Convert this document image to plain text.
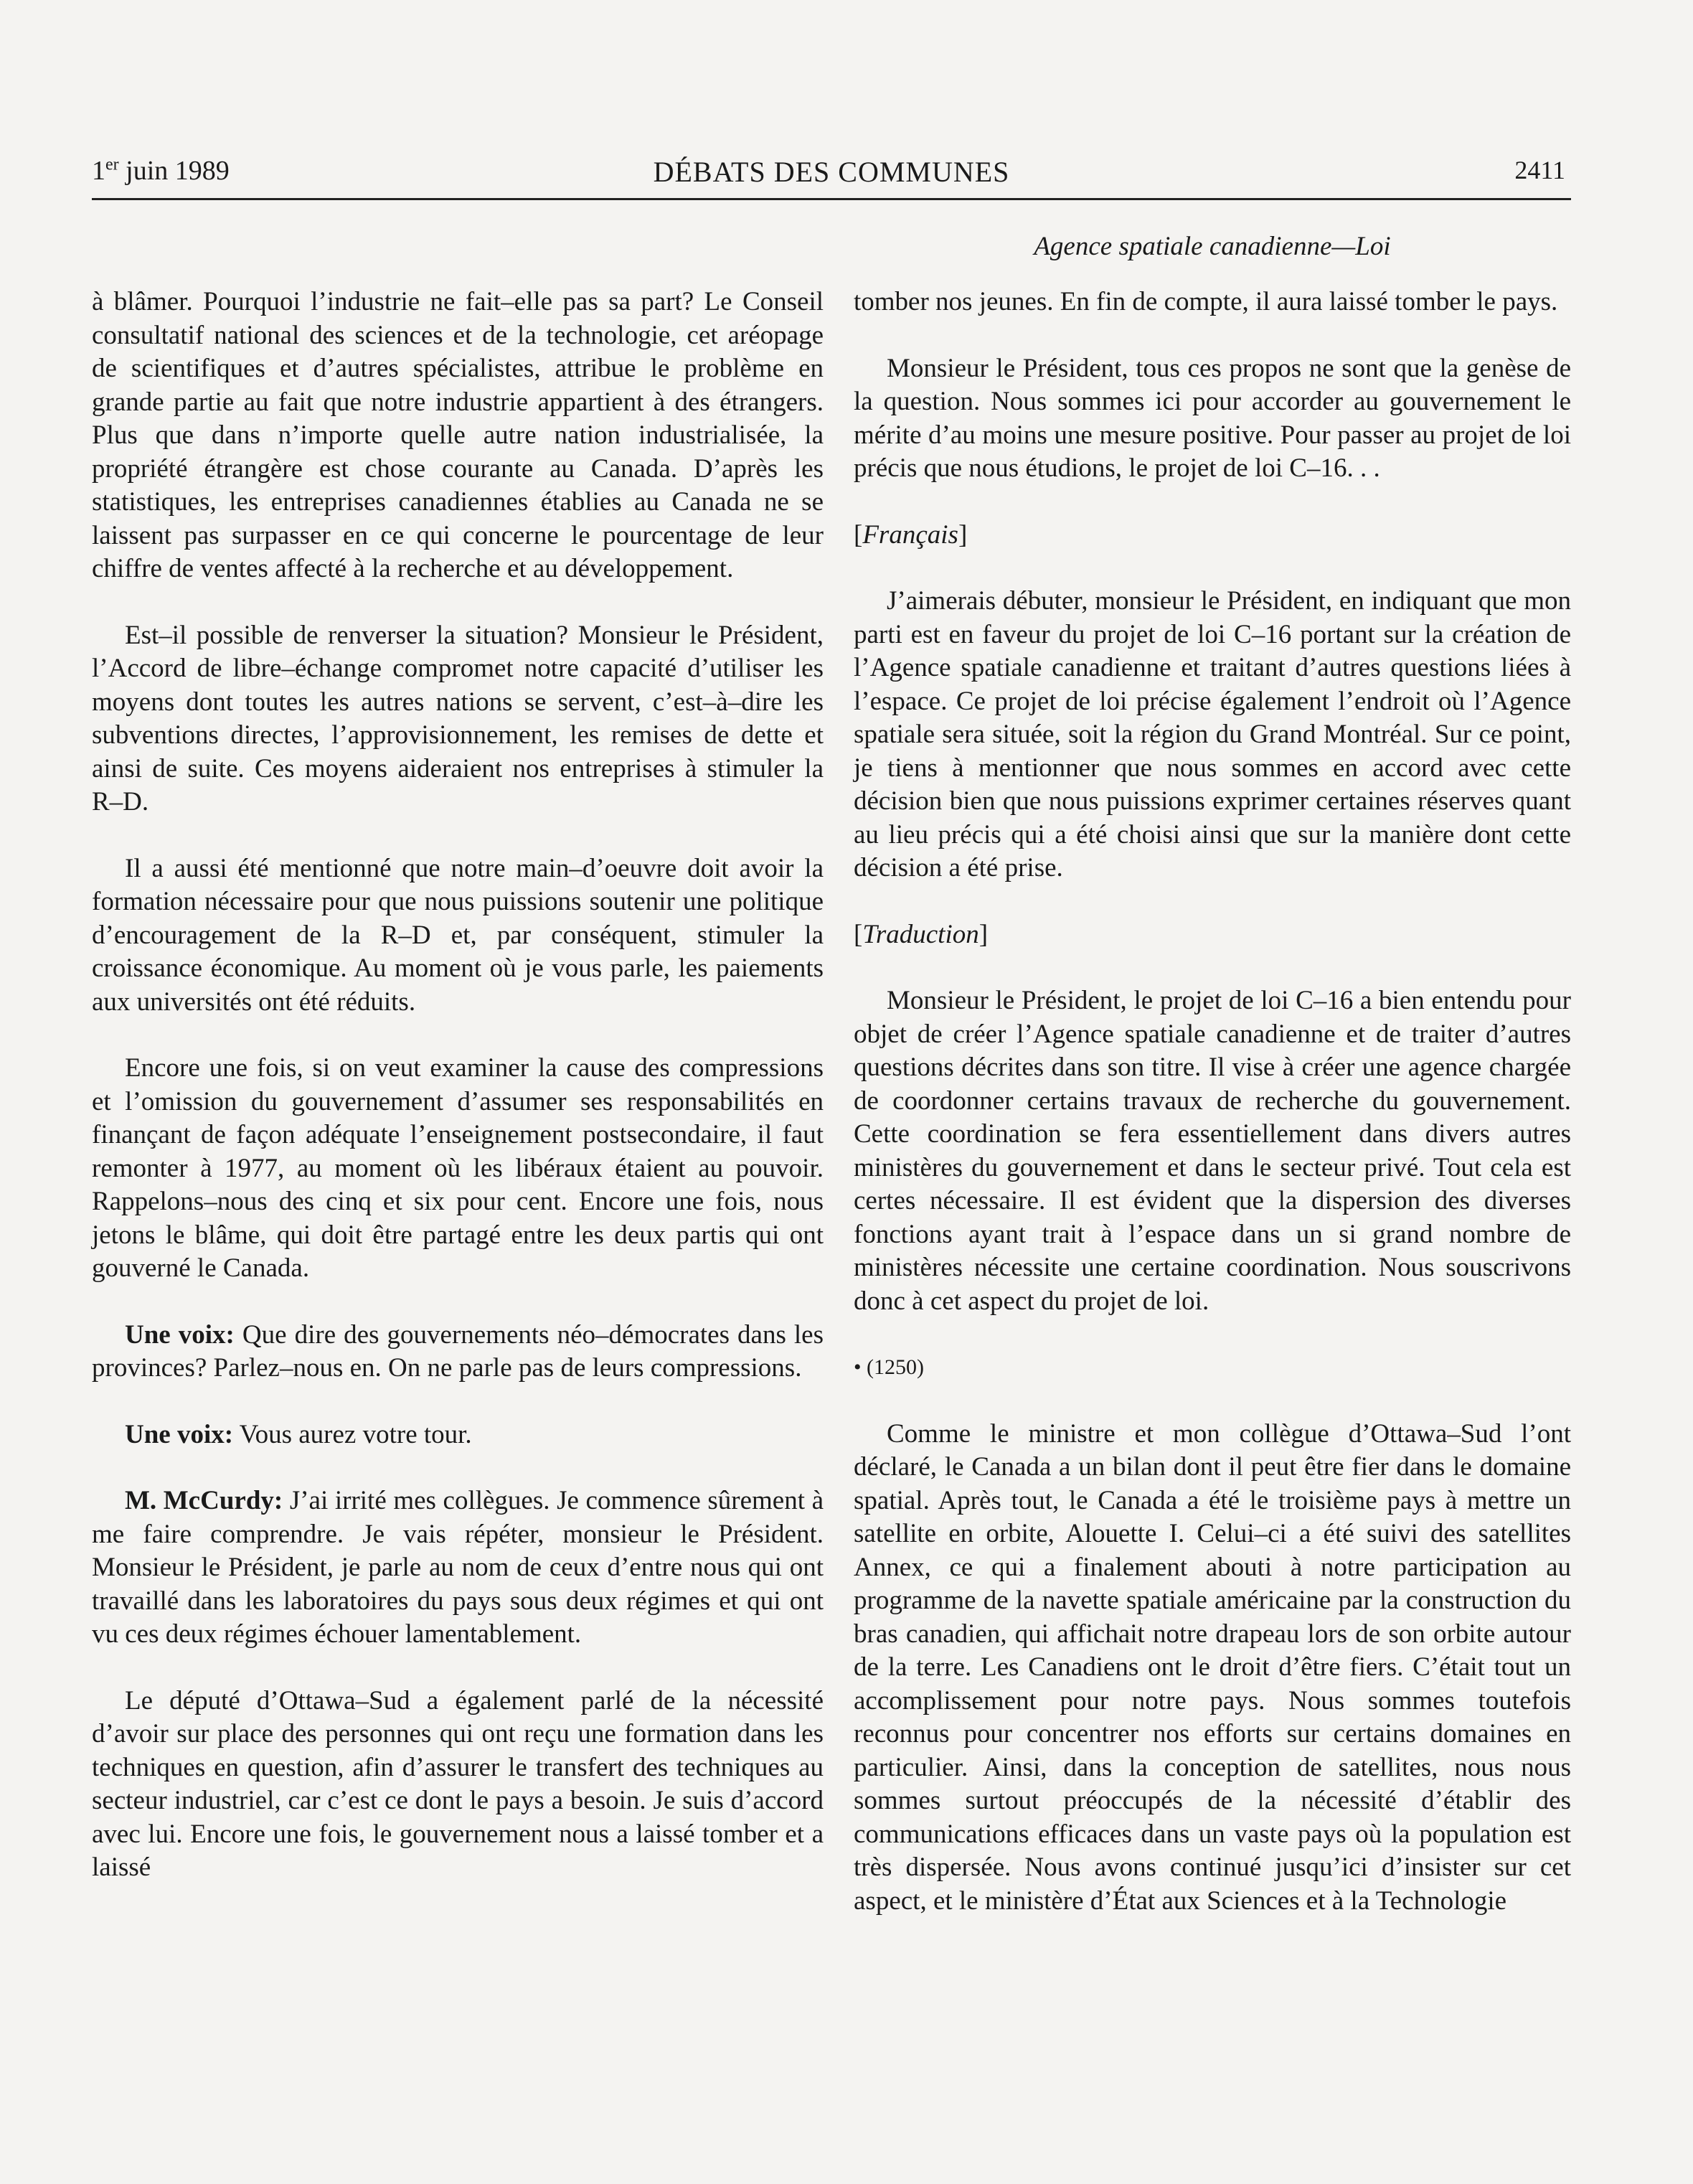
1er juin 1989	DÉBATS DES COMMUNES	2411
Agence spatiale canadienne—Loi

à blâmer. Pourquoi l’industrie ne fait–elle pas sa part? Le Conseil consultatif national des sciences et de la technologie, cet aréopage de scientifiques et d’autres spécialistes, attribue le problème en grande partie au fait que notre industrie appartient à des étrangers. Plus que dans n’importe quelle autre nation industrialisée, la propriété étrangère est chose courante au Canada. D’après les statistiques, les entreprises canadiennes établies au Canada ne se laissent pas surpasser en ce qui concerne le pourcentage de leur chiffre de ventes affecté à la recherche et au développement.

Est–il possible de renverser la situation? Monsieur le Président, l’Accord de libre–échange compromet notre capacité d’utiliser les moyens dont toutes les autres nations se servent, c’est–à–dire les subventions directes, l’approvisionnement, les remises de dette et ainsi de suite. Ces moyens aideraient nos entreprises à stimuler la R–D.

Il a aussi été mentionné que notre main–d’oeuvre doit avoir la formation nécessaire pour que nous puissions soutenir une politique d’encouragement de la R–D et, par conséquent, stimuler la croissance économique. Au moment où je vous parle, les paiements aux universités ont été réduits.

Encore une fois, si on veut examiner la cause des compressions et l’omission du gouvernement d’assumer ses responsabilités en finançant de façon adéquate l’enseignement postsecondaire, il faut remonter à 1977, au moment où les libéraux étaient au pouvoir. Rappelons–nous des cinq et six pour cent. Encore une fois, nous jetons le blâme, qui doit être partagé entre les deux partis qui ont gouverné le Canada.

Une voix: Que dire des gouvernements néo–démocrates dans les provinces? Parlez–nous en. On ne parle pas de leurs compressions.

Une voix: Vous aurez votre tour.

M. McCurdy: J’ai irrité mes collègues. Je commence sûrement à me faire comprendre. Je vais répéter, monsieur le Président. Monsieur le Président, je parle au nom de ceux d’entre nous qui ont travaillé dans les laboratoires du pays sous deux régimes et qui ont vu ces deux régimes échouer lamentablement.

Le député d’Ottawa–Sud a également parlé de la nécessité d’avoir sur place des personnes qui ont reçu une formation dans les techniques en question, afin d’assurer le transfert des techniques au secteur industriel, car c’est ce dont le pays a besoin. Je suis d’accord avec lui. Encore une fois, le gouvernement nous a laissé tomber et a laissé

tomber nos jeunes. En fin de compte, il aura laissé tomber le pays.

Monsieur le Président, tous ces propos ne sont que la genèse de la question. Nous sommes ici pour accorder au gouvernement le mérite d’au moins une mesure positive. Pour passer au projet de loi précis que nous étudions, le projet de loi C–16. . .

[Français]

J’aimerais débuter, monsieur le Président, en indiquant que mon parti est en faveur du projet de loi C–16 portant sur la création de l’Agence spatiale canadienne et traitant d’autres questions liées à l’espace. Ce projet de loi précise également l’endroit où l’Agence spatiale sera située, soit la région du Grand Montréal. Sur ce point, je tiens à mentionner que nous sommes en accord avec cette décision bien que nous puissions exprimer certaines réserves quant au lieu précis qui a été choisi ainsi que sur la manière dont cette décision a été prise.

[Traduction]

Monsieur le Président, le projet de loi C–16 a bien entendu pour objet de créer l’Agence spatiale canadienne et de traiter d’autres questions décrites dans son titre. Il vise à créer une agence chargée de coordonner certains travaux de recherche du gouvernement. Cette coordination se fera essentiellement dans divers autres ministères du gouvernement et dans le secteur privé. Tout cela est certes nécessaire. Il est évident que la dispersion des diverses fonctions ayant trait à l’espace dans un si grand nombre de ministères nécessite une certaine coordination. Nous souscrivons donc à cet aspect du projet de loi.

• (1250)

Comme le ministre et mon collègue d’Ottawa–Sud l’ont déclaré, le Canada a un bilan dont il peut être fier dans le domaine spatial. Après tout, le Canada a été le troisième pays à mettre un satellite en orbite, Alouette I. Celui–ci a été suivi des satellites Annex, ce qui a finalement abouti à notre participation au programme de la navette spatiale américaine par la construction du bras canadien, qui affichait notre drapeau lors de son orbite autour de la terre. Les Canadiens ont le droit d’être fiers. C’était tout un accomplissement pour notre pays. Nous sommes toutefois reconnus pour concentrer nos efforts sur certains domaines en particulier. Ainsi, dans la conception de satellites, nous nous sommes surtout préoccupés de la nécessité d’établir des communications efficaces dans un vaste pays où la population est très dispersée. Nous avons continué jusqu’ici d’insister sur cet aspect, et le ministère d’État aux Sciences et à la Technologie
